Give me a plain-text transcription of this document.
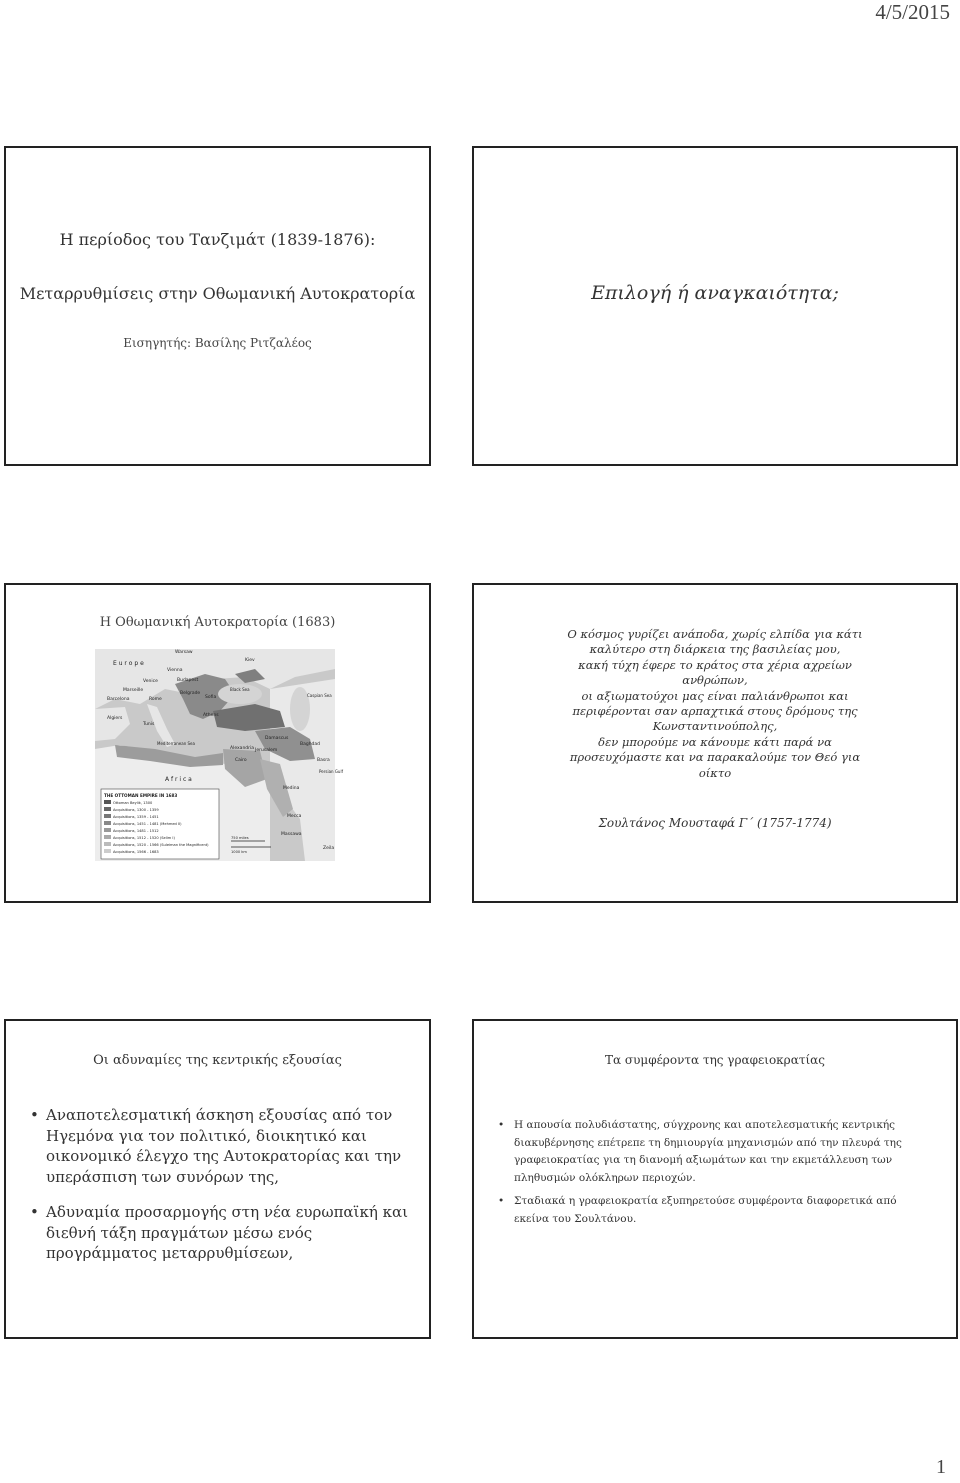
4/5/2015
Η περίοδος του Τανζιμάτ (1839-1876):
Μεταρρυθμίσεις στην Οθωμανική Αυτοκρατορία
Εισηγητής: Βασίλης Ριτζαλέος
Επιλογή ή αναγκαιότητα;
Η Οθωμανική Αυτοκρατορία (1683)
E u r o p e
Warsaw
Kiev
Vienna
Budapest
Venice
Belgrade
Marseille
Rome	Sofia
Barcelona
Algiers
Tunis
Athens
Mediterranean Sea
Black Sea
Alexandria
Damascus
Cairo
Jerusalem
Medina
Mecca
Baghdad
Basra
Caspian Sea
Persian Gulf
Massawa
Zeila
A f r i c a
THE OTTOMAN EMPIRE IN 1683
Ottoman Beylik, 1300
Acquisitions, 1300 - 1359
Acquisitions, 1359 - 1451
Acquisitions, 1451 - 1481 (Mehmed II)
Acquisitions, 1481 - 1512
Acquisitions, 1512 - 1520 (Selim I)
Acquisitions, 1520 - 1566 (Suleiman the Magnificent)
Acquisitions, 1566 - 1683
750 miles
1000 km
Ο κόσμος γυρίζει ανάποδα, χωρίς ελπίδα για κάτι
καλύτερο στη διάρκεια της βασιλείας μου,
κακή τύχη έφερε το κράτος στα χέρια αχρείων
ανθρώπων,
οι αξιωματούχοι μας είναι παλιάνθρωποι και
περιφέρονται σαν αρπαχτικά στους δρόμους της
Κωνσταντινούπολης,
δεν μπορούμε να κάνουμε κάτι παρά να
προσευχόμαστε και να παρακαλούμε τον Θεό για
οίκτο
Σουλτάνος Μουσταφά Γ΄ (1757-1774)
Οι αδυναμίες της κεντρικής εξουσίας
• Αναποτελεσματική άσκηση εξουσίας από τον Ηγεμόνα για τον πολιτικό, διοικητικό και οικονομικό έλεγχο της Αυτοκρατορίας και την υπεράσπιση των συνόρων της,
• Αδυναμία προσαρμογής στη νέα ευρωπαϊκή και διεθνή τάξη πραγμάτων μέσω ενός προγράμματος μεταρρυθμίσεων,
Τα συμφέροντα της γραφειοκρατίας
• Η απουσία πολυδιάστατης, σύγχρονης και αποτελεσματικής κεντρικής διακυβέρνησης επέτρεπε τη δημιουργία μηχανισμών από την πλευρά της γραφειοκρατίας για τη διανομή αξιωμάτων και την εκμετάλλευση των πληθυσμών ολόκληρων περιοχών.
• Σταδιακά η γραφειοκρατία εξυπηρετούσε συμφέροντα διαφορετικά από εκείνα του Σουλτάνου.
1
